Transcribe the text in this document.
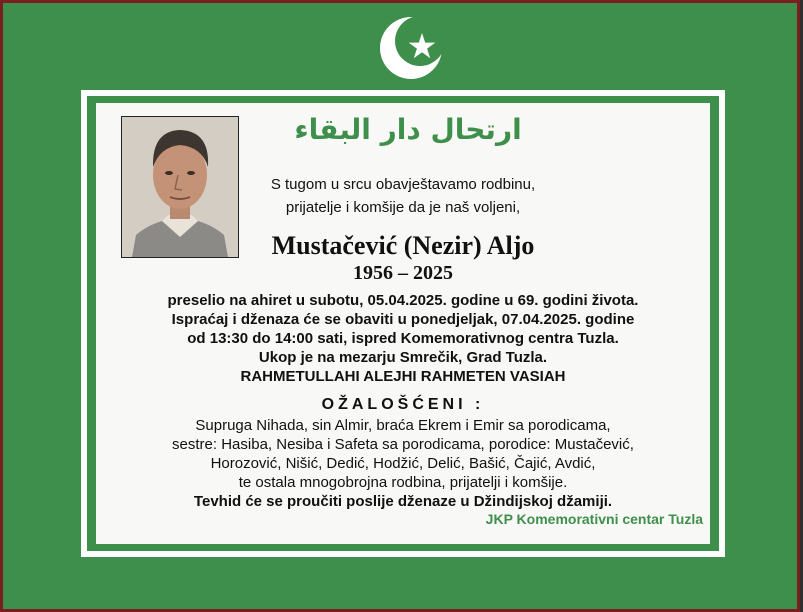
ارتحال دار البقاء
S tugom u srcu obavještavamo rodbinu,
prijatelje i komšije da je naš voljeni,
Mustačević (Nezir) Aljo
1956 – 2025
preselio na ahiret u subotu, 05.04.2025. godine u 69. godini života.
Ispraćaj i dženaza će se obaviti u ponedjeljak, 07.04.2025. godine
od 13:30 do 14:00 sati, ispred Komemorativnog centra Tuzla.
Ukop je na mezarju Smrečik, Grad Tuzla.
RAHMETULLAHI ALEJHI RAHMETEN VASIAH
OŽALOŠĆENI :
Supruga Nihada, sin Almir, braća Ekrem i Emir sa porodicama,
sestre: Hasiba, Nesiba i Safeta sa porodicama, porodice: Mustačević,
Horozović, Nišić, Dedić, Hodžić, Delić, Bašić, Čajić, Avdić,
te ostala mnogobrojna rodbina, prijatelji i komšije.
Tevhid će se proučiti poslije dženaze u Džindijskoj džamiji.
JKP Komemorativni centar Tuzla
